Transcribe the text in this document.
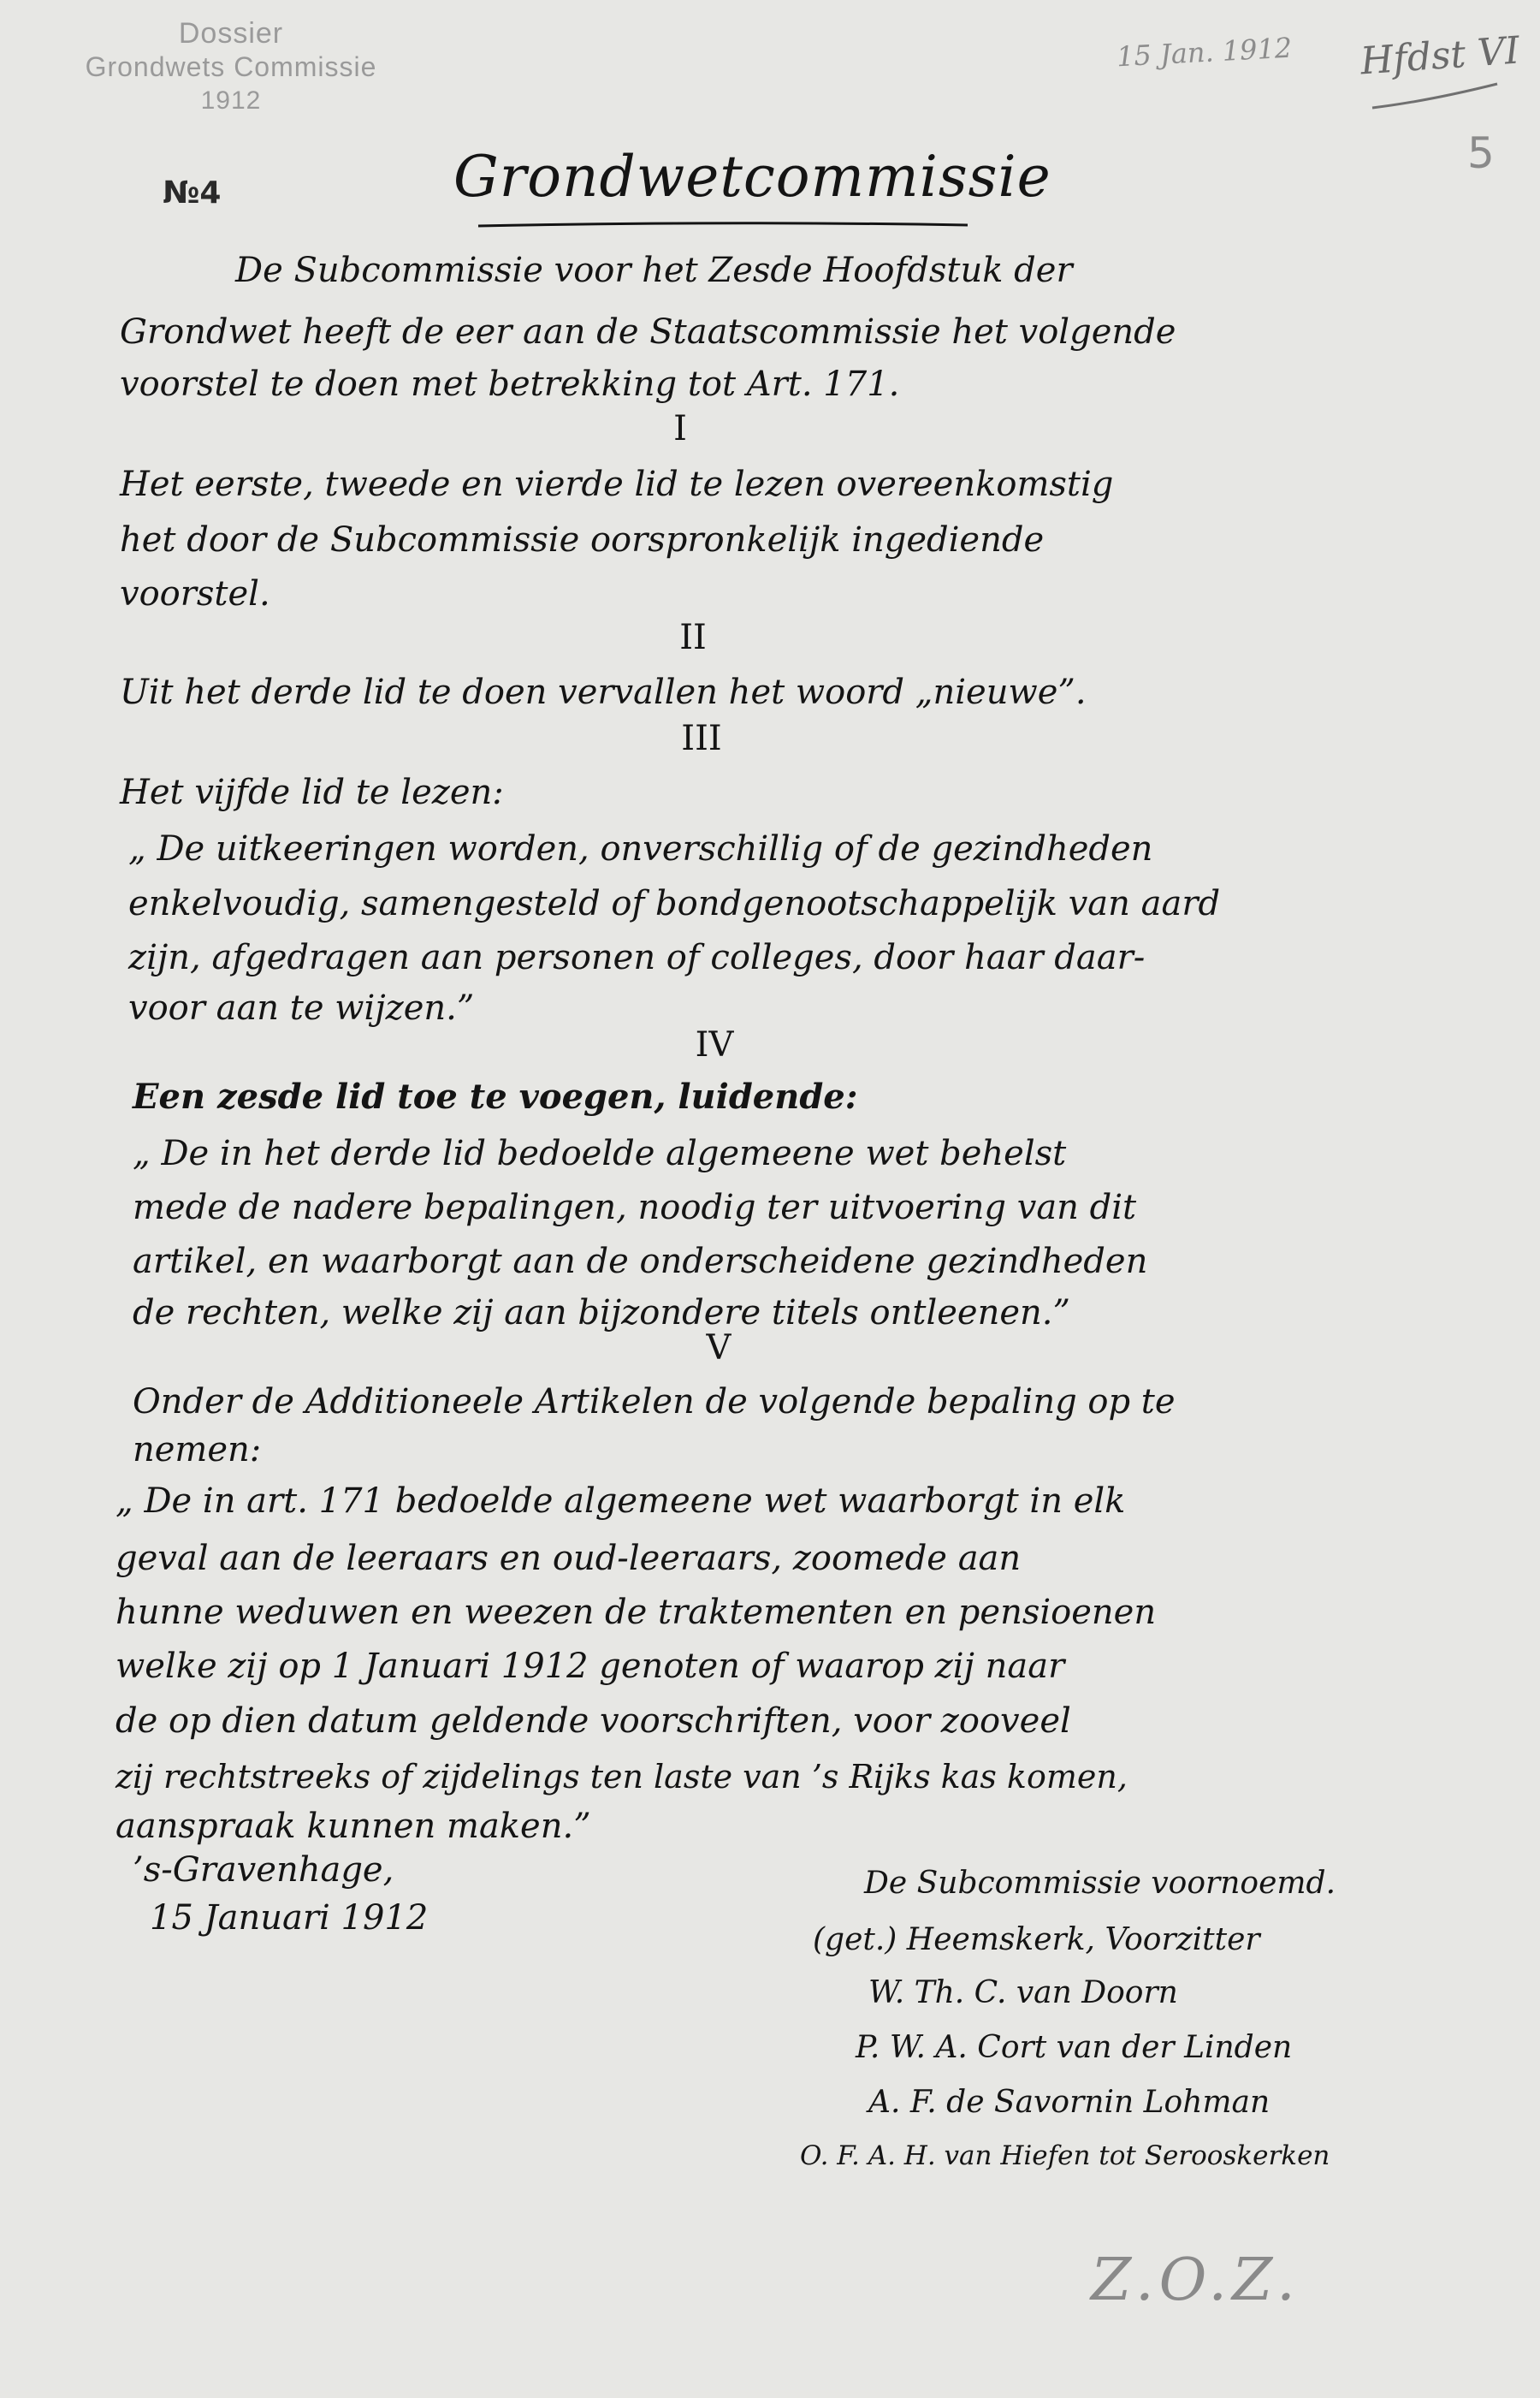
Dossier
Grondwets Commissie
1912
№4
15 Jan. 1912 Hfdst VI
5
Grondwetcommissie
De Subcommissie voor het Zesde Hoofdstuk der
Grondwet heeft de eer aan de Staatscommissie het volgende
voorstel te doen met betrekking tot Art. 171.
I
Het eerste, tweede en vierde lid te lezen overeenkomstig
het door de Subcommissie oorspronkelijk ingediende
voorstel.
II
Uit het derde lid te doen vervallen het woord „nieuwe”.
III
Het vijfde lid te lezen:
„ De uitkeeringen worden, onverschillig of de gezindheden
enkelvoudig, samengesteld of bondgenootschappelijk van aard
zijn, afgedragen aan personen of colleges, door haar daar-
voor aan te wijzen.”
IV
Een zesde lid toe te voegen, luidende:
„ De in het derde lid bedoelde algemeene wet behelst
mede de nadere bepalingen, noodig ter uitvoering van dit
artikel, en waarborgt aan de onderscheidene gezindheden
de rechten, welke zij aan bijzondere titels ontleenen.”
V
Onder de Additioneele Artikelen de volgende bepaling op te
nemen:
„ De in art. 171 bedoelde algemeene wet waarborgt in elk
geval aan de leeraars en oud-leeraars, zoomede aan
hunne weduwen en weezen de traktementen en pensioenen
welke zij op 1 Januari 1912 genoten of waarop zij naar
de op dien datum geldende voorschriften, voor zooveel
zij rechtstreeks of zijdelings ten laste van ’s Rijks kas komen,
aanspraak kunnen maken.”
’s-Gravenhage,
15 Januari 1912
De Subcommissie voornoemd.
(get.) Heemskerk, Voorzitter
W. Th. C. van Doorn
P. W. A. Cort van der Linden
A. F. de Savornin Lohman
O. F. A. H. van Hiefen tot Serooskerken
Z.O.Z.
